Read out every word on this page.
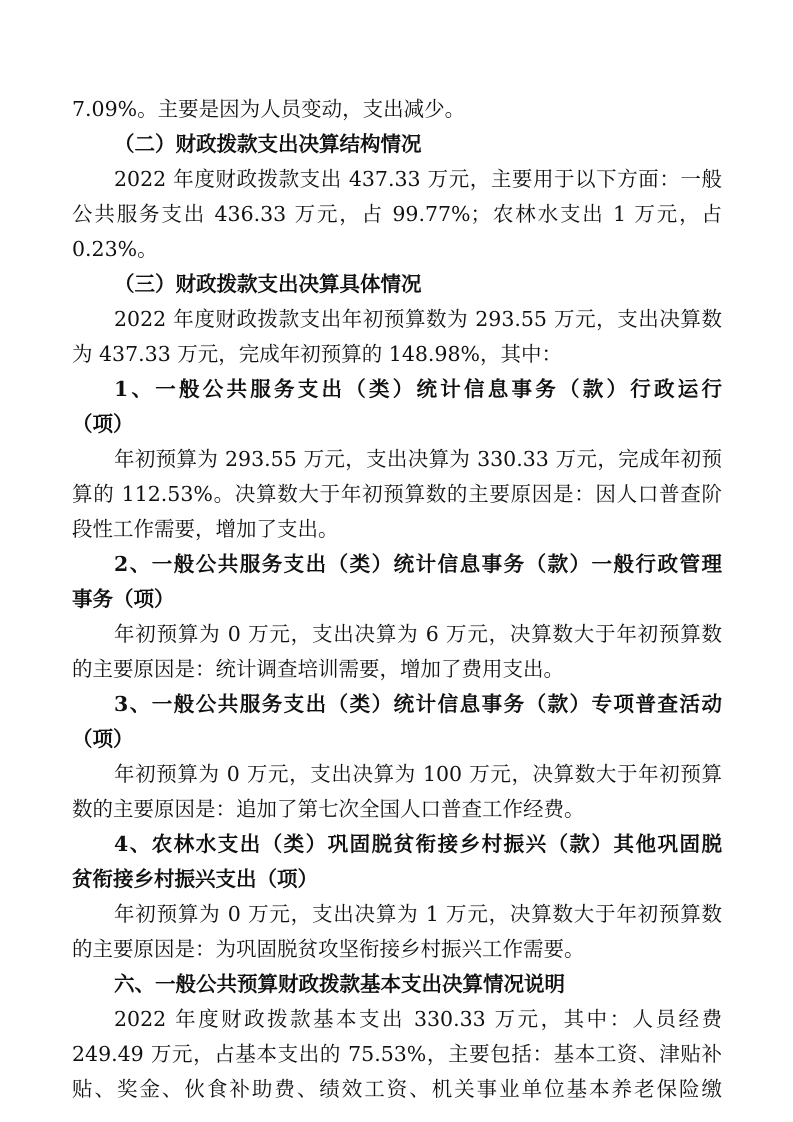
7.09%。主要是因为人员变动，支出减少。
（二）财政拨款支出决算结构情况
2022 年度财政拨款支出 437.33 万元，主要用于以下方面：一般
公共服务支出 436.33 万元，占 99.77%；农林水支出 1 万元，占
0.23%。
（三）财政拨款支出决算具体情况
2022 年度财政拨款支出年初预算数为 293.55 万元，支出决算数
为 437.33 万元，完成年初预算的 148.98%，其中：
1、一般公共服务支出（类）统计信息事务（款）行政运行
（项）
年初预算为 293.55 万元，支出决算为 330.33 万元，完成年初预
算的 112.53%。决算数大于年初预算数的主要原因是：因人口普查阶
段性工作需要，增加了支出。
2、一般公共服务支出（类）统计信息事务（款）一般行政管理
事务（项）
年初预算为 0 万元，支出决算为 6 万元，决算数大于年初预算数
的主要原因是：统计调查培训需要，增加了费用支出。
3、一般公共服务支出（类）统计信息事务（款）专项普查活动
（项）
年初预算为 0 万元，支出决算为 100 万元，决算数大于年初预算
数的主要原因是：追加了第七次全国人口普查工作经费。
4、农林水支出（类）巩固脱贫衔接乡村振兴（款）其他巩固脱
贫衔接乡村振兴支出（项）
年初预算为 0 万元，支出决算为 1 万元，决算数大于年初预算数
的主要原因是：为巩固脱贫攻坚衔接乡村振兴工作需要。
六、一般公共预算财政拨款基本支出决算情况说明
2022 年度财政拨款基本支出 330.33 万元，其中：人员经费
249.49 万元，占基本支出的 75.53%，主要包括：基本工资、津贴补
贴、奖金、伙食补助费、绩效工资、机关事业单位基本养老保险缴
